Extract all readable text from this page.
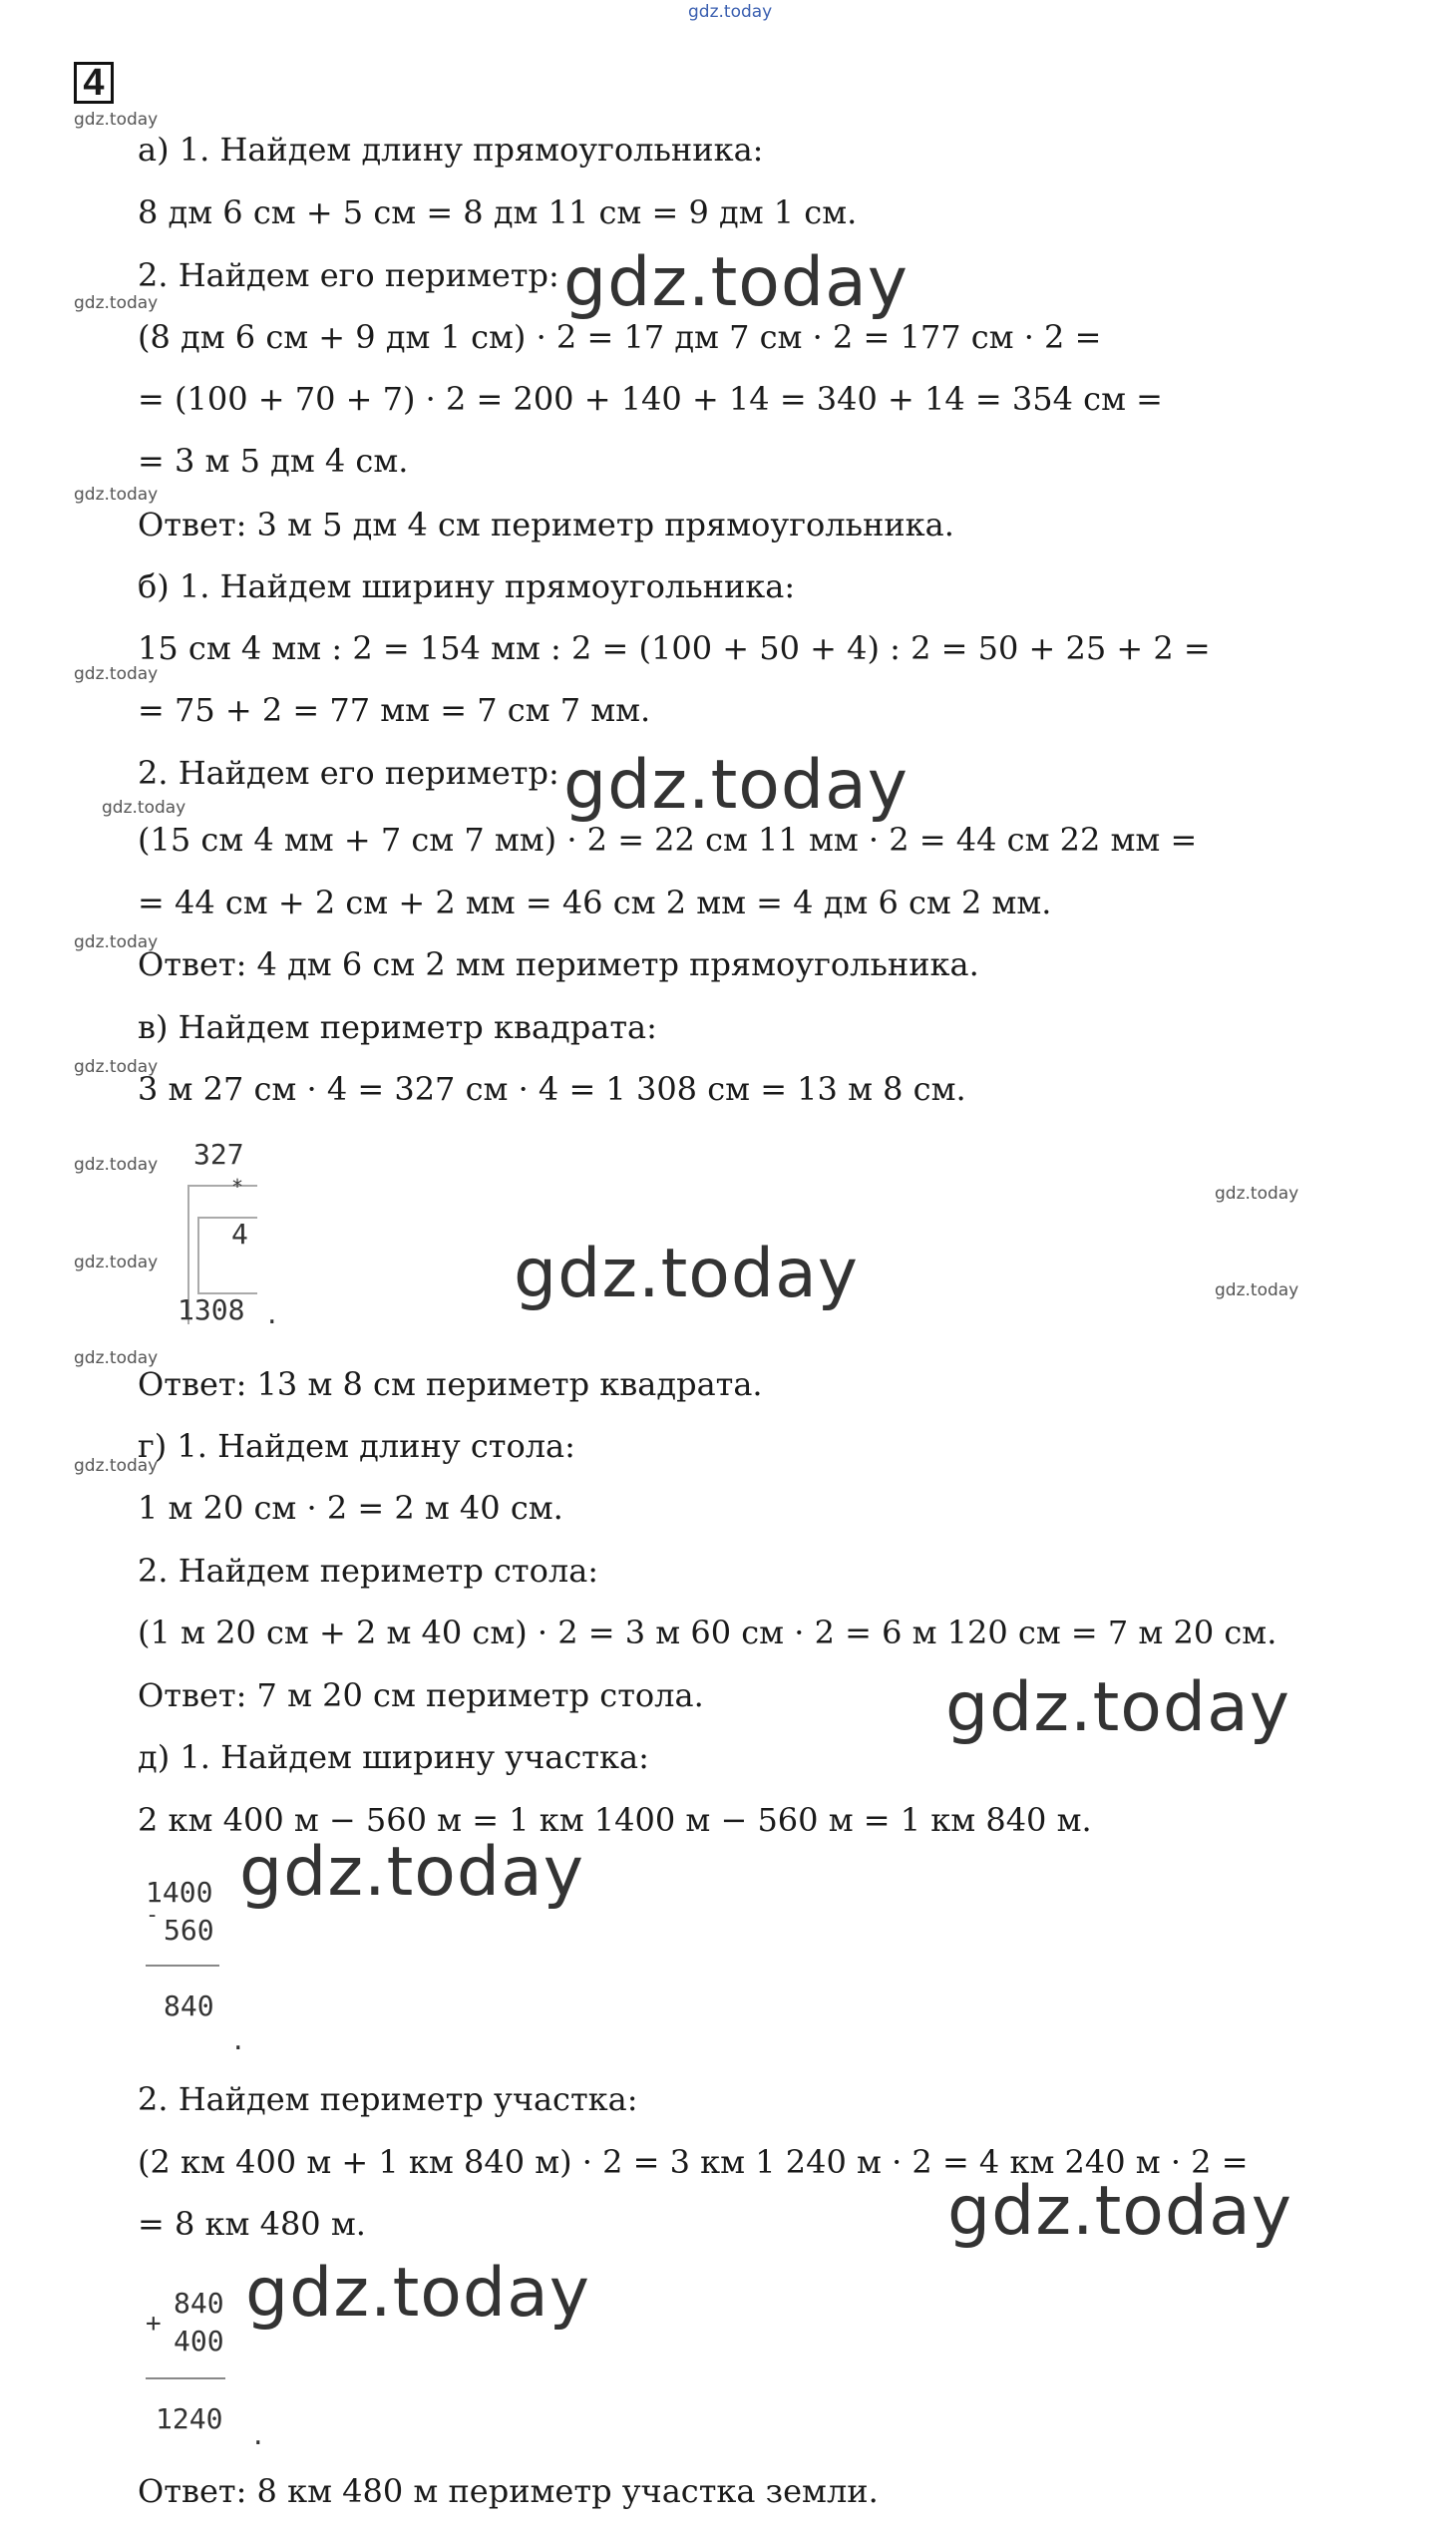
gdz.today
4
gdz.today
gdz.today
gdz.today
gdz.today
gdz.today
gdz.today
gdz.today
gdz.today
gdz.today
gdz.today
gdz.today
gdz.today
gdz.today
gdz.today
gdz.today
gdz.today
gdz.today
gdz.today
gdz.today
gdz.today
а) 1. Найдем длину прямоугольника:
8 дм 6 см + 5 см = 8 дм 11 см = 9 дм 1 см.
2. Найдем его периметр:
(8 дм 6 см + 9 дм 1 см) · 2 = 17 дм 7 см · 2 = 177 см · 2 =
= (100 + 70 + 7) · 2 = 200 + 140 + 14 = 340 + 14 = 354 см =
= 3 м 5 дм 4 см.
Ответ: 3 м 5 дм 4 см периметр прямоугольника.
б) 1. Найдем ширину прямоугольника:
15 см 4 мм : 2 = 154 мм : 2 = (100 + 50 + 4) : 2 = 50 + 25 + 2 =
= 75 + 2 = 77 мм = 7 см 7 мм.
2. Найдем его периметр:
(15 см 4 мм + 7 см 7 мм) · 2 = 22 см 11 мм · 2 = 44 см 22 мм =
= 44 см + 2 см + 2 мм = 46 см 2 мм = 4 дм 6 см 2 мм.
Ответ: 4 дм 6 см 2 мм периметр прямоугольника.
в) Найдем периметр квадрата:
3 м 27 см · 4 = 327 см · 4 = 1 308 см = 13 м 8 см.
Ответ: 13 м 8 см периметр квадрата.
г) 1. Найдем длину стола:
1 м 20 см · 2 = 2 м 40 см.
2. Найдем периметр стола:
(1 м 20 см + 2 м 40 см) · 2 = 3 м 60 см · 2 = 6 м 120 см = 7 м 20 см.
Ответ: 7 м 20 см периметр стола.
д) 1. Найдем ширину участка:
2 км 400 м − 560 м = 1 км 1400 м − 560 м = 1 км 840 м.
2. Найдем периметр участка:
(2 км 400 м + 1 км 840 м) · 2 = 3 км 1 240 м · 2 = 4 км 240 м · 2 =
= 8 км 480 м.
Ответ: 8 км 480 м периметр участка земли.
327
*
4
1308 .
1400
- 560
840
.
840
+
400
1240 .
